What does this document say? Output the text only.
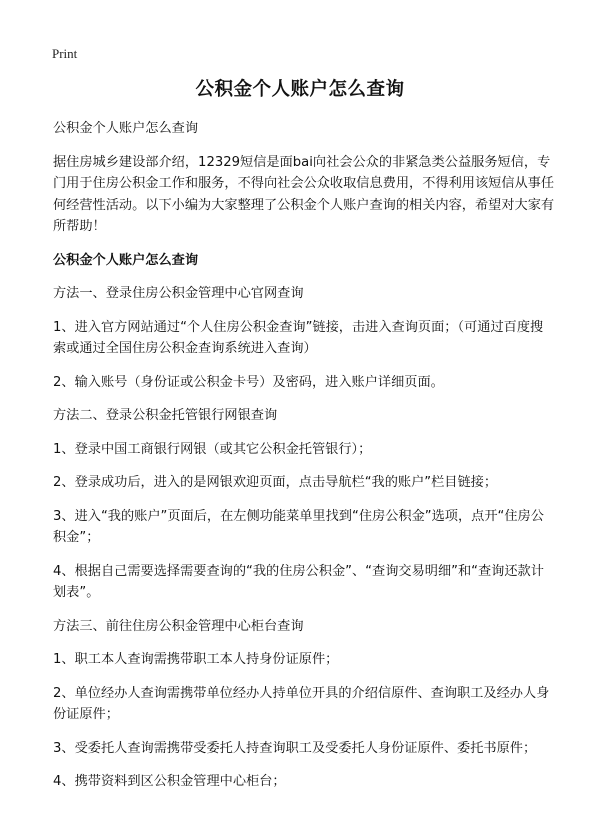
Print
公积金个人账户怎么查询

公积金个人账户怎么查询

据住房城乡建设部介绍，12329短信是面bai向社会公众的非紧急类公益服务短信，专门用于住房公积金工作和服务，不得向社会公众收取信息费用，不得利用该短信从事任何经营性活动。以下小编为大家整理了公积金个人账户查询的相关内容，希望对大家有所帮助！

公积金个人账户怎么查询

方法一、登录住房公积金管理中心官网查询

1、进入官方网站通过“个人住房公积金查询”链接，击进入查询页面；（可通过百度搜索或通过全国住房公积金查询系统进入查询）

2、输入账号（身份证或公积金卡号）及密码，进入账户详细页面。

方法二、登录公积金托管银行网银查询

1、登录中国工商银行网银（或其它公积金托管银行）；

2、登录成功后，进入的是网银欢迎页面，点击导航栏“我的账户”栏目链接；

3、进入“我的账户”页面后，在左侧功能菜单里找到“住房公积金”选项，点开“住房公积金”；

4、根据自己需要选择需要查询的“我的住房公积金”、“查询交易明细”和“查询还款计划表”。

方法三、前往住房公积金管理中心柜台查询

1、职工本人查询需携带职工本人持身份证原件；

2、单位经办人查询需携带单位经办人持单位开具的介绍信原件、查询职工及经办人身份证原件；

3、受委托人查询需携带受委托人持查询职工及受委托人身份证原件、委托书原件；

4、携带资料到区公积金管理中心柜台；
